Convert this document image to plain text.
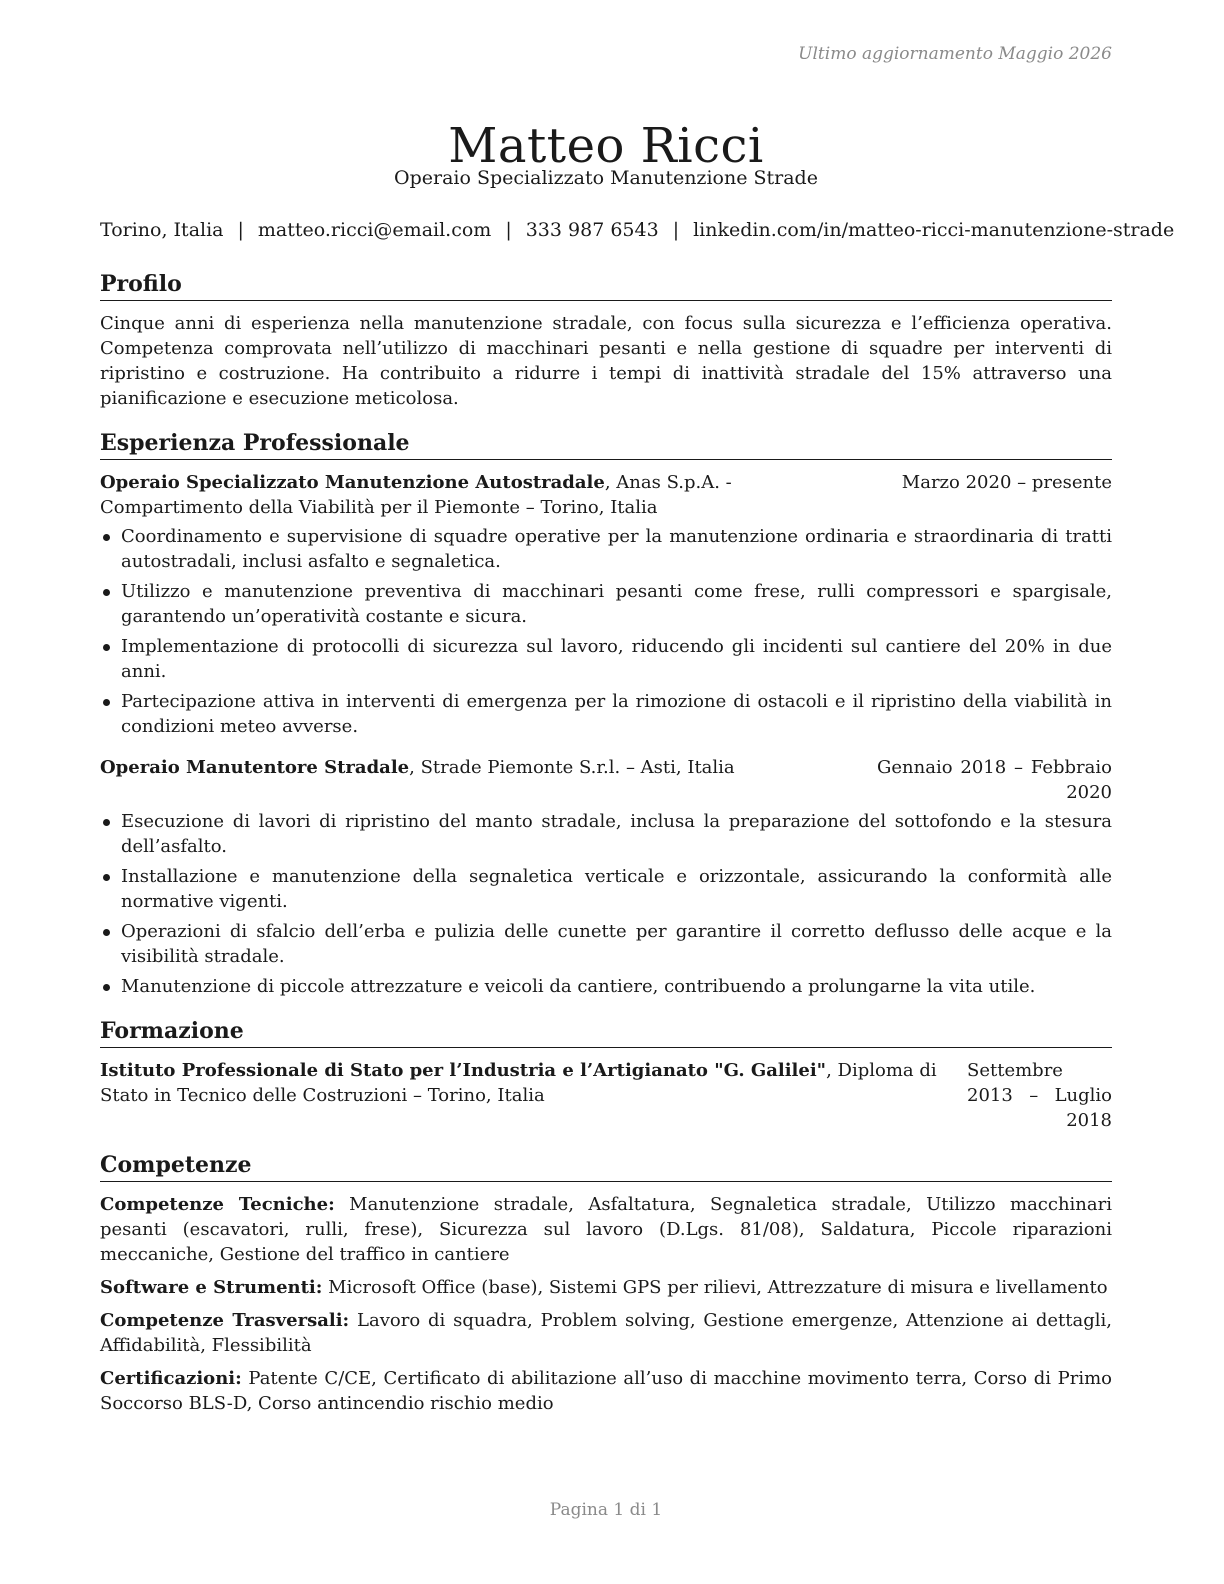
Ultimo aggiornamento Maggio 2026
Matteo Ricci
Operaio Specializzato Manutenzione Strade
Torino, Italia | matteo.ricci@email.com | 333 987 6543 | linkedin.com/in/matteo-ricci-manutenzione-strade
Profilo

Cinque anni di esperienza nella manutenzione stradale, con focus sulla sicurezza e l’efficienza operativa. Competenza comprovata nell’utilizzo di macchinari pesanti e nella gestione di squadre per interventi di ripristino e costruzione. Ha contribuito a ridurre i tempi di inattività stradale del 15% attraverso una pianificazione e esecuzione meticolosa.

Esperienza Professionale
Operaio Specializzato Manutenzione Autostradale, Anas S.p.A. - Compartimento della Viabilità per il Piemonte – Torino, Italia
Marzo 2020 – presente
Coordinamento e supervisione di squadre operative per la manutenzione ordinaria e straordinaria di tratti autostradali, inclusi asfalto e segnaletica.
Utilizzo e manutenzione preventiva di macchinari pesanti come frese, rulli compressori e spargisale, garantendo un’operatività costante e sicura.
Implementazione di protocolli di sicurezza sul lavoro, riducendo gli incidenti sul cantiere del 20% in due anni.
Partecipazione attiva in interventi di emergenza per la rimozione di ostacoli e il ripristino della viabilità in condizioni meteo avverse.
Operaio Manutentore Stradale, Strade Piemonte S.r.l. – Asti, Italia	Gennaio 2018 – Febbraio 2020
Esecuzione di lavori di ripristino del manto stradale, inclusa la preparazione del sottofondo e la stesura dell’asfalto.
Installazione e manutenzione della segnaletica verticale e orizzontale, assicurando la conformità alle normative vigenti.
Operazioni di sfalcio dell’erba e pulizia delle cunette per garantire il corretto deflusso delle acque e la visibilità stradale.
Manutenzione di piccole attrezzature e veicoli da cantiere, contribuendo a prolungarne la vita utile.
Formazione
Istituto Professionale di Stato per l’Industria e l’Artigianato "G. Galilei", Diploma di Stato in Tecnico delle Costruzioni – Torino, Italia
Settembre 2013 – Luglio 2018
Competenze
Competenze Tecniche: Manutenzione stradale, Asfaltatura, Segnaletica stradale, Utilizzo macchinari pesanti (escavatori, rulli, frese), Sicurezza sul lavoro (D.Lgs. 81/08), Saldatura, Piccole riparazioni meccaniche, Gestione del traffico in cantiere
Software e Strumenti: Microsoft Office (base), Sistemi GPS per rilievi, Attrezzature di misura e livellamento
Competenze Trasversali: Lavoro di squadra, Problem solving, Gestione emergenze, Attenzione ai dettagli, Affidabilità, Flessibilità
Certificazioni: Patente C/CE, Certificato di abilitazione all’uso di macchine movimento terra, Corso di Primo Soccorso BLS-D, Corso antincendio rischio medio
Pagina 1 di 1
